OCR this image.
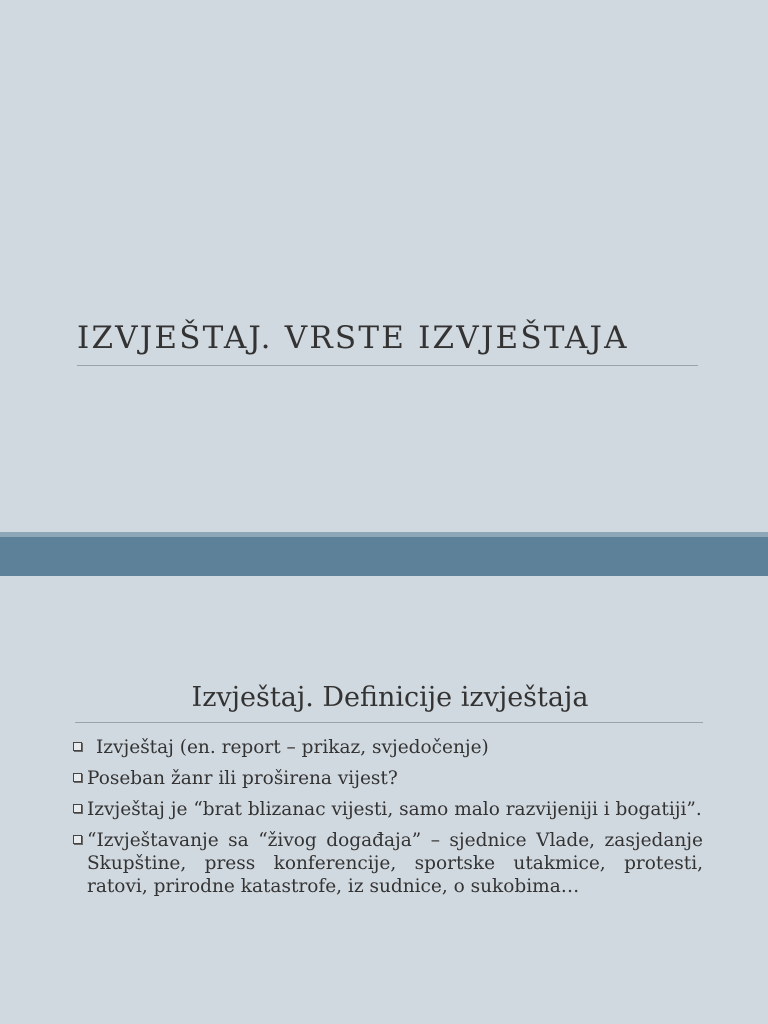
IZVJEŠTAJ. VRSTE IZVJEŠTAJA
Izvještaj. Definicije izvještaja
Izvještaj (en. report – prikaz, svjedočenje)
Poseban žanr ili proširena vijest?
Izvještaj je “brat blizanac vijesti, samo malo razvijeniji i bogatiji”.
“Izvještavanje sa “živog događaja” – sjednice Vlade, zasjedanje Skupštine, press konferencije, sportske utakmice, protesti, ratovi, prirodne katastrofe, iz sudnice, o sukobima…
